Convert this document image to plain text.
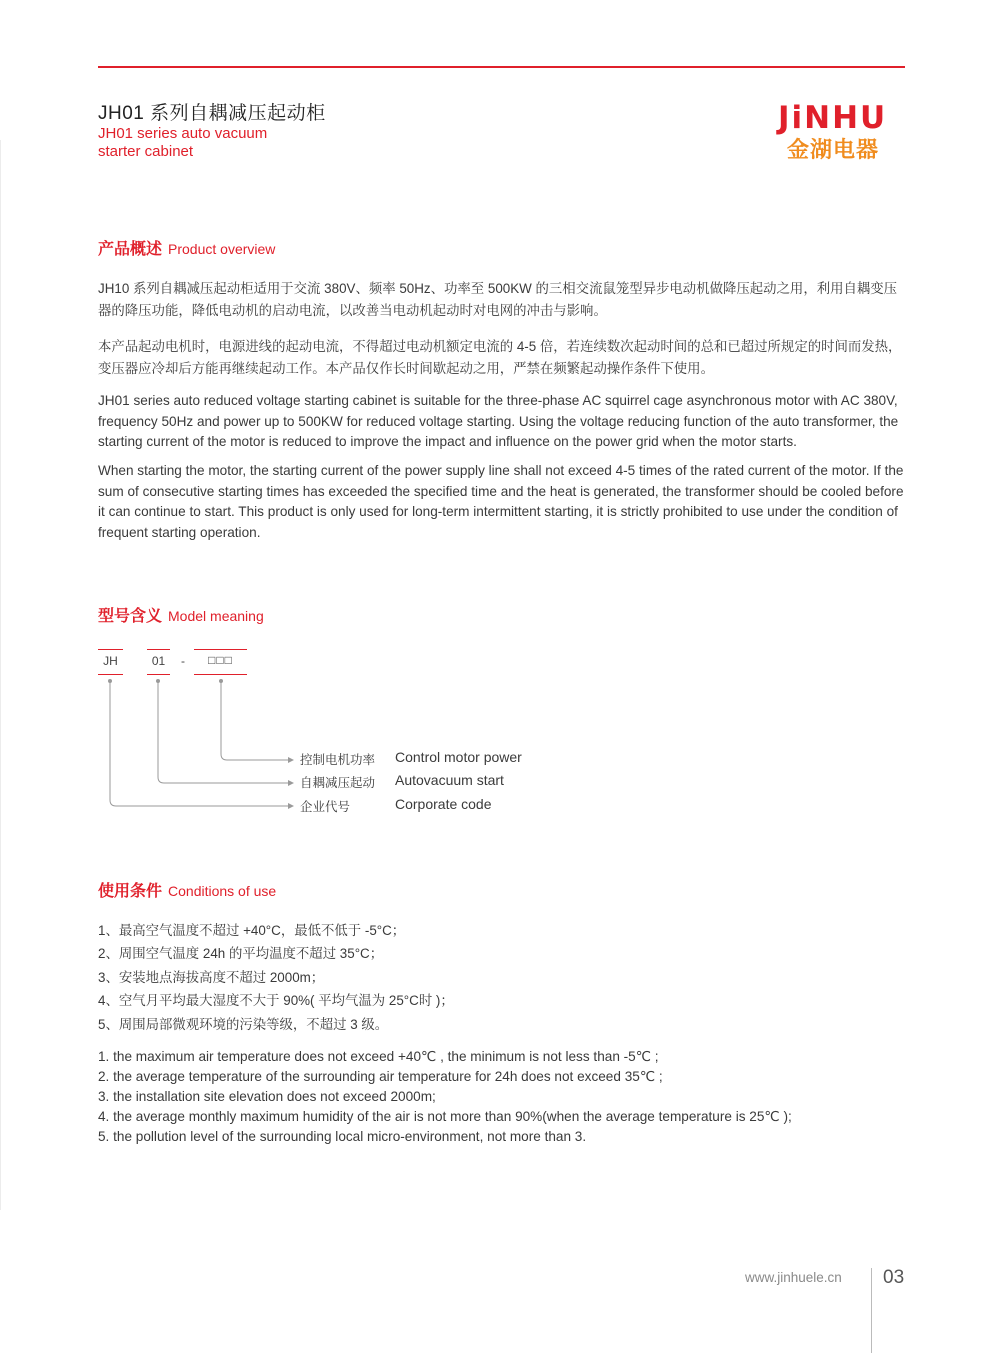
JH01 系列自耦减压起动柜
JH01 series auto vacuum
starter cabinet
JiNHU
金湖电器
产品概述 Product overview
JH10 系列自耦减压起动柜适用于交流 380V、频率 50Hz、功率至 500KW 的三相交流鼠笼型异步电动机做降压起动之用，利用自耦变压器的降压功能，降低电动机的启动电流，以改善当电动机起动时对电网的冲击与影响。
本产品起动电机时，电源进线的起动电流，不得超过电动机额定电流的 4-5 倍，若连续数次起动时间的总和已超过所规定的时间而发热，变压器应冷却后方能再继续起动工作。本产品仅作长时间歇起动之用，严禁在频繁起动操作条件下使用。
JH01 series auto reduced voltage starting cabinet is suitable for the three-phase AC squirrel cage asynchronous motor with AC 380V, frequency 50Hz and power up to 500KW for reduced voltage starting. Using the voltage reducing function of the auto transformer, the starting current of the motor is reduced to improve the impact and influence on the power grid when the motor starts.
When starting the motor, the starting current of the power supply line shall not exceed 4-5 times of the rated current of the motor. If the sum of consecutive starting times has exceeded the specified time and the heat is generated, the transformer should be cooled before it can continue to start. This product is only used for long-term intermittent starting, it is strictly prohibited to use under the condition of frequent starting operation.
型号含义 Model meaning
JH	01	-	□□□
控制电机功率 Control motor power
自耦减压起动 Autovacuum start
企业代号	Corporate code
使用条件 Conditions of use
1、最高空气温度不超过 +40°C，最低不低于 -5°C；
2、周围空气温度 24h 的平均温度不超过 35°C；
3、安装地点海拔高度不超过 2000m；
4、空气月平均最大湿度不大于 90%( 平均气温为 25°C时 )；
5、周围局部微观环境的污染等级，不超过 3 级。
1. the maximum air temperature does not exceed +40℃ , the minimum is not less than -5℃ ;
2. the average temperature of the surrounding air temperature for 24h does not exceed 35℃ ;
3. the installation site elevation does not exceed 2000m;
4. the average monthly maximum humidity of the air is not more than 90%(when the average temperature is 25℃ );
5. the pollution level of the surrounding local micro-environment, not more than 3.
www.jinhuele.cn 03
